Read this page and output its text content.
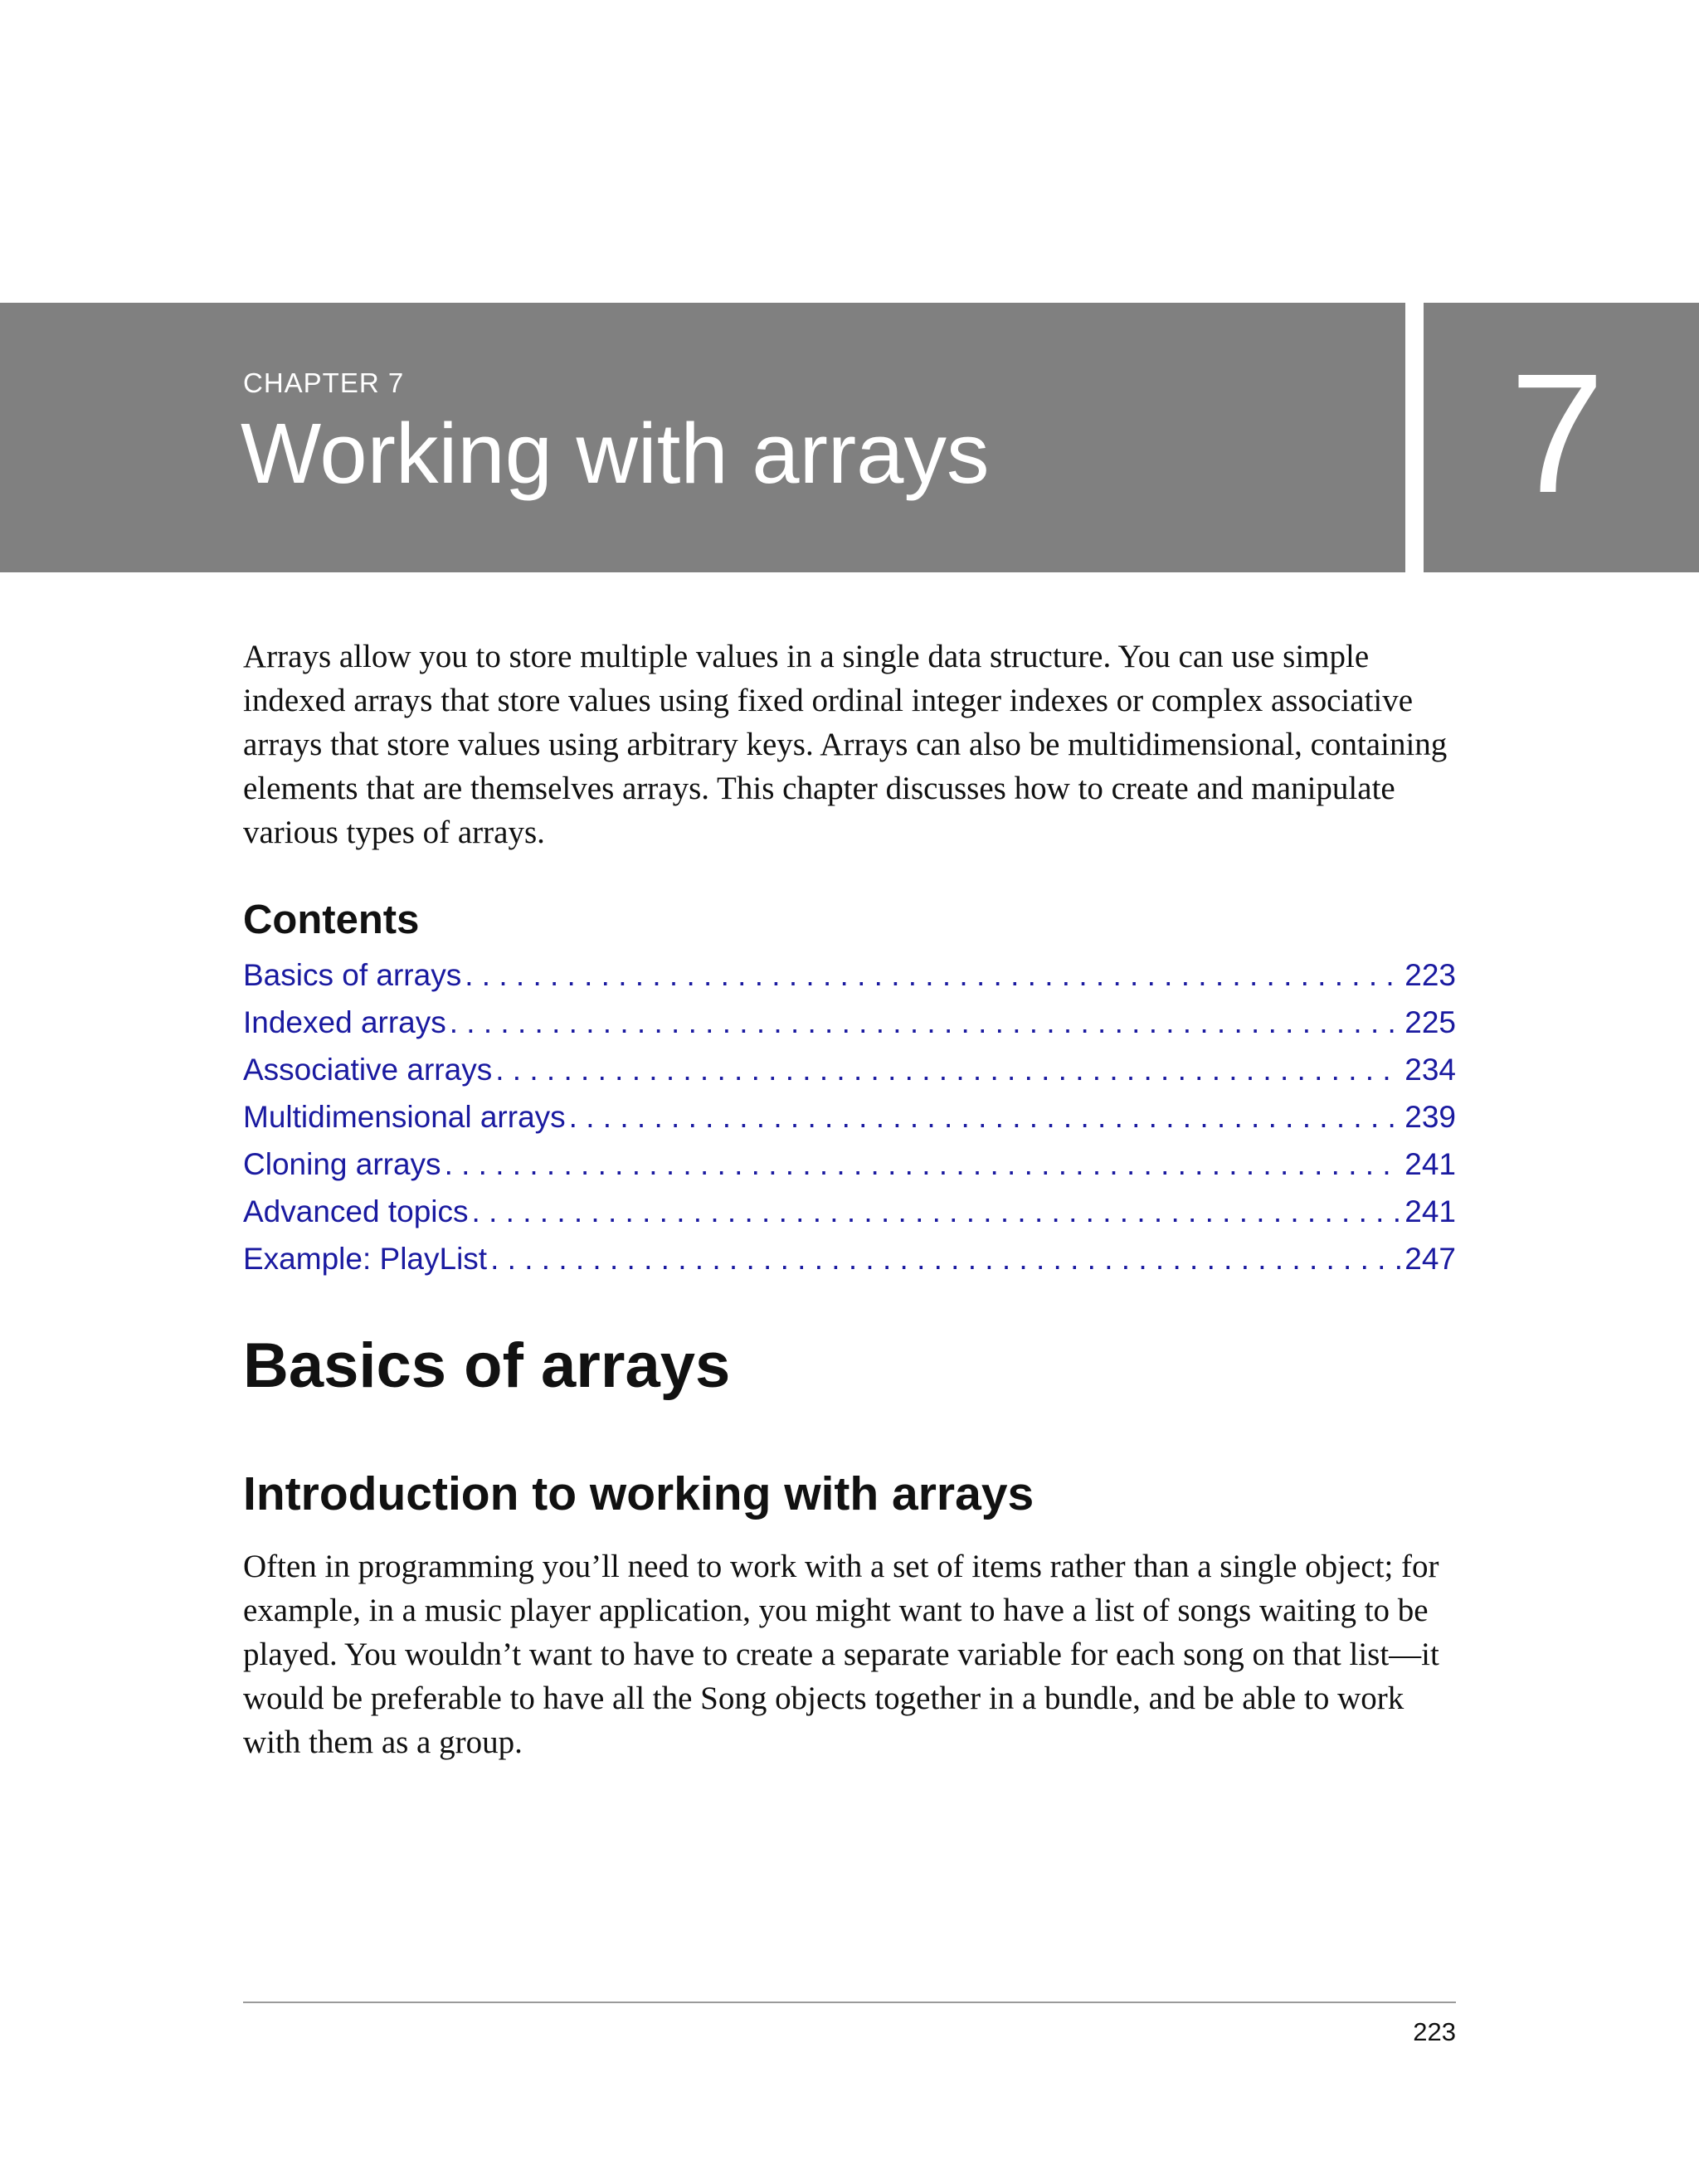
CHAPTER 7
Working with arrays	7

Arrays allow you to store multiple values in a single data structure. You can use simple indexed arrays that store values using fixed ordinal integer indexes or complex associative arrays that store values using arbitrary keys. Arrays can also be multidimensional, containing elements that are themselves arrays. This chapter discusses how to create and manipulate various types of arrays.

Contents
Basics of arrays . . .	223
Indexed arrays . . .	225
Associative arrays . . .	234
Multidimensional arrays . . .	239
Cloning arrays . . .	241
Advanced topics . . .	241
Example: PlayList . . .	247
Basics of arrays
Introduction to working with arrays

Often in programming you’ll need to work with a set of items rather than a single object; for example, in a music player application, you might want to have a list of songs waiting to be played. You wouldn’t want to have to create a separate variable for each song on that list—it would be preferable to have all the Song objects together in a bundle, and be able to work with them as a group.

223
